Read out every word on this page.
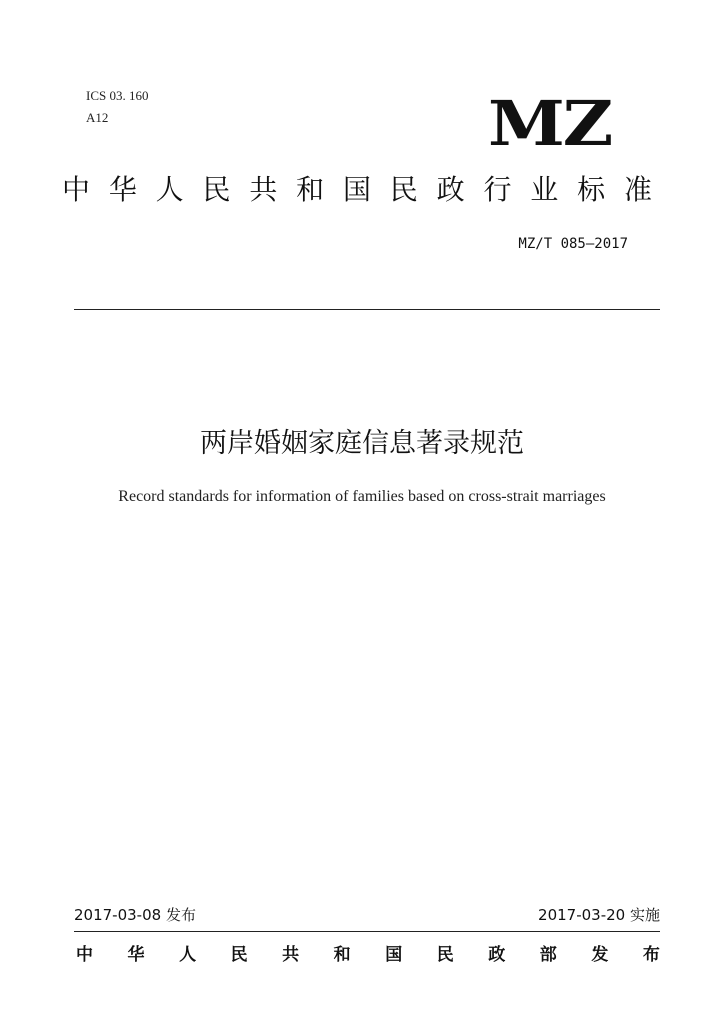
ICS 03. 160
A12	MZ
中 华 人 民 共 和 国 民 政 行 业 标 准
MZ/T 085—2017
两岸婚姻家庭信息著录规范
Record standards for information of families based on cross-strait marriages
2017-03-08 发布	2017-03-20 实施
中 华 人 民 共 和 国 民 政 部 发 布
